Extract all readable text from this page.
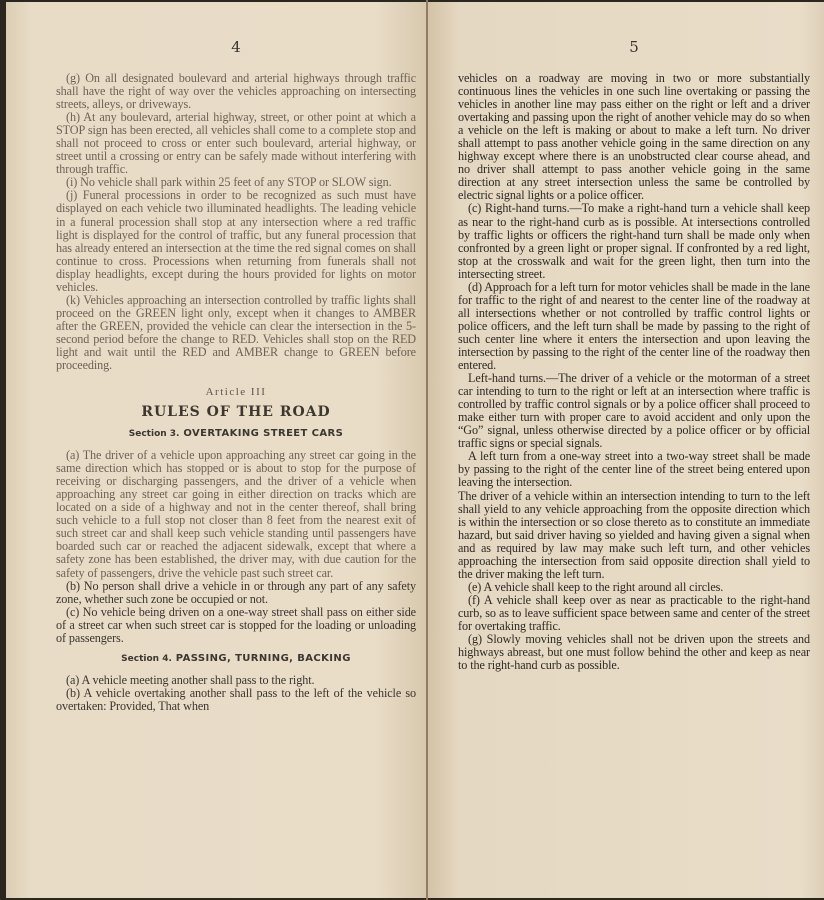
4

(g) On all designated boulevard and arterial highways through traffic shall have the right of way over the vehicles approaching on intersecting streets, alleys, or driveways.

(h) At any boulevard, arterial highway, street, or other point at which a STOP sign has been erected, all vehicles shall come to a complete stop and shall not proceed to cross or enter such boulevard, arterial highway, or street until a crossing or entry can be safely made without interfering with through traffic.

(i) No vehicle shall park within 25 feet of any STOP or SLOW sign.

(j) Funeral processions in order to be recognized as such must have displayed on each vehicle two illuminated headlights. The leading vehicle in a funeral procession shall stop at any intersection where a red traffic light is displayed for the control of traffic, but any funeral procession that has already entered an intersection at the time the red signal comes on shall continue to cross. Processions when returning from funerals shall not display headlights, except during the hours provided for lights on motor vehicles.

(k) Vehicles approaching an intersection controlled by traffic lights shall proceed on the GREEN light only, except when it changes to AMBER after the GREEN, provided the vehicle can clear the intersection in the 5-second period before the change to RED. Vehicles shall stop on the RED light and wait until the RED and AMBER change to GREEN before proceeding.

Article III
RULES OF THE ROAD
Section 3. OVERTAKING STREET CARS

(a) The driver of a vehicle upon approaching any street car going in the same direction which has stopped or is about to stop for the purpose of receiving or discharging passengers, and the driver of a vehicle when approaching any street car going in either direction on tracks which are located on a side of a highway and not in the center thereof, shall bring such vehicle to a full stop not closer than 8 feet from the nearest exit of such street car and shall keep such vehicle standing until passengers have boarded such car or reached the adjacent sidewalk, except that where a safety zone has been established, the driver may, with due caution for the safety of passengers, drive the vehicle past such street car.

(b) No person shall drive a vehicle in or through any part of any safety zone, whether such zone be occupied or not.

(c) No vehicle being driven on a one-way street shall pass on either side of a street car when such street car is stopped for the loading or unloading of passengers.

Section 4. PASSING, TURNING, BACKING

(a) A vehicle meeting another shall pass to the right.

(b) A vehicle overtaking another shall pass to the left of the vehicle so overtaken: Provided, That when

5

vehicles on a roadway are moving in two or more substantially continuous lines the vehicles in one such line overtaking or passing the vehicles in another line may pass either on the right or left and a driver overtaking and passing upon the right of another vehicle may do so when a vehicle on the left is making or about to make a left turn. No driver shall attempt to pass another vehicle going in the same direction on any highway except where there is an unobstructed clear course ahead, and no driver shall attempt to pass another vehicle going in the same direction at any street intersection unless the same be controlled by electric signal lights or a police officer.

(c) Right-hand turns.—To make a right-hand turn a vehicle shall keep as near to the right-hand curb as is possible. At intersections controlled by traffic lights or officers the right-hand turn shall be made only when confronted by a green light or proper signal. If confronted by a red light, stop at the crosswalk and wait for the green light, then turn into the intersecting street.

(d) Approach for a left turn for motor vehicles shall be made in the lane for traffic to the right of and nearest to the center line of the roadway at all intersections whether or not controlled by traffic control lights or police officers, and the left turn shall be made by passing to the right of such center line where it enters the intersection and upon leaving the intersection by passing to the right of the center line of the roadway then entered.

Left-hand turns.—The driver of a vehicle or the motorman of a street car intending to turn to the right or left at an intersection where traffic is controlled by traffic control signals or by a police officer shall proceed to make either turn with proper care to avoid accident and only upon the “Go” signal, unless otherwise directed by a police officer or by official traffic signs or special signals.

A left turn from a one-way street into a two-way street shall be made by passing to the right of the center line of the street being entered upon leaving the intersection.

The driver of a vehicle within an intersection intending to turn to the left shall yield to any vehicle approaching from the opposite direction which is within the intersection or so close thereto as to constitute an immediate hazard, but said driver having so yielded and having given a signal when and as required by law may make such left turn, and other vehicles approaching the intersection from said opposite direction shall yield to the driver making the left turn.

(e) A vehicle shall keep to the right around all circles.

(f) A vehicle shall keep over as near as practicable to the right-hand curb, so as to leave sufficient space between same and center of the street for overtaking traffic.

(g) Slowly moving vehicles shall not be driven upon the streets and highways abreast, but one must follow behind the other and keep as near to the right-hand curb as possible.
